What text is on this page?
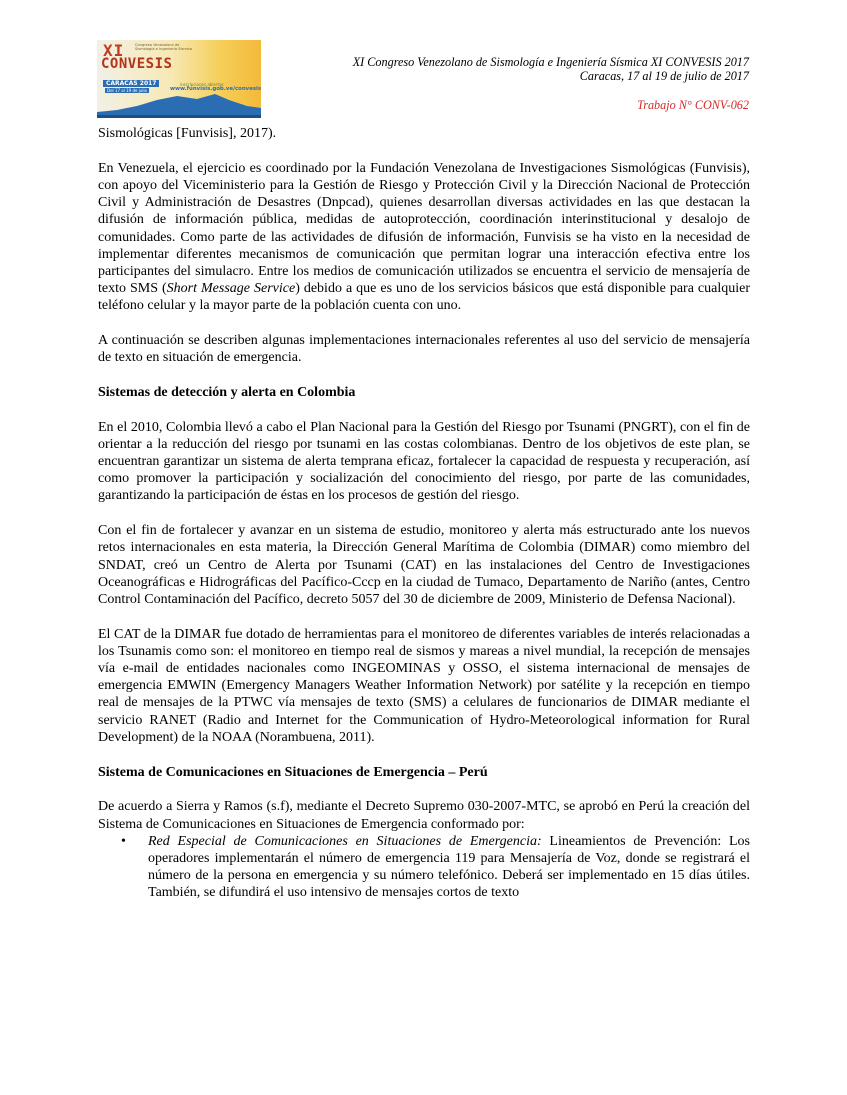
XI
CONVESIS
Congreso Venezolano de Sismología e Ingeniería Sísmica
CARACAS 2017
Del 17 al 19 de julio
inscripciones abiertas
www.funvisis.gob.ve/convesis
XI Congreso Venezolano de Sismología e Ingeniería Sísmica XI CONVESIS 2017
Caracas, 17 al 19 de julio de 2017
Trabajo N° CONV-062

Sismológicas [Funvisis], 2017).

En Venezuela, el ejercicio es coordinado por la Fundación Venezolana de Investigaciones Sismológicas (Funvisis), con apoyo del Viceministerio para la Gestión de Riesgo y Protección Civil y la Dirección Nacional de Protección Civil y Administración de Desastres (Dnpcad), quienes desarrollan diversas actividades en las que destacan la difusión de información pública, medidas de autoprotección, coordinación interinstitucional y desalojo de comunidades. Como parte de las actividades de difusión de información, Funvisis se ha visto en la necesidad de implementar diferentes mecanismos de comunicación que permitan lograr una interacción efectiva entre los participantes del simulacro. Entre los medios de comunicación utilizados se encuentra el servicio de mensajería de texto SMS (Short Message Service) debido a que es uno de los servicios básicos que está disponible para cualquier teléfono celular y la mayor parte de la población cuenta con uno.

A continuación se describen algunas implementaciones internacionales referentes al uso del servicio de mensajería de texto en situación de emergencia.

Sistemas de detección y alerta en Colombia

En el 2010, Colombia llevó a cabo el Plan Nacional para la Gestión del Riesgo por Tsunami (PNGRT), con el fin de orientar a la reducción del riesgo por tsunami en las costas colombianas. Dentro de los objetivos de este plan, se encuentran garantizar un sistema de alerta temprana eficaz, fortalecer la capacidad de respuesta y recuperación, así como promover la participación y socialización del conocimiento del riesgo, por parte de las comunidades, garantizando la participación de éstas en los procesos de gestión del riesgo.

Con el fin de fortalecer y avanzar en un sistema de estudio, monitoreo y alerta más estructurado ante los nuevos retos internacionales en esta materia, la Dirección General Marítima de Colombia (DIMAR) como miembro del SNDAT, creó un Centro de Alerta por Tsunami (CAT) en las instalaciones del Centro de Investigaciones Oceanográficas e Hidrográficas del Pacífico-Cccp en la ciudad de Tumaco, Departamento de Nariño (antes, Centro Control Contaminación del Pacífico, decreto 5057 del 30 de diciembre de 2009, Ministerio de Defensa Nacional).

El CAT de la DIMAR fue dotado de herramientas para el monitoreo de diferentes variables de interés relacionadas a los Tsunamis como son: el monitoreo en tiempo real de sismos y mareas a nivel mundial, la recepción de mensajes vía e-mail de entidades nacionales como INGEOMINAS y OSSO, el sistema internacional de mensajes de emergencia EMWIN (Emergency Managers Weather Information Network) por satélite y la recepción en tiempo real de mensajes de la PTWC vía mensajes de texto (SMS) a celulares de funcionarios de DIMAR mediante el servicio RANET (Radio and Internet for the Communication of Hydro-Meteorological information for Rural Development) de la NOAA (Norambuena, 2011).

Sistema de Comunicaciones en Situaciones de Emergencia – Perú

De acuerdo a Sierra y Ramos (s.f), mediante el Decreto Supremo 030-2007-MTC, se aprobó en Perú la creación del Sistema de Comunicaciones en Situaciones de Emergencia conformado por:

• Red Especial de Comunicaciones en Situaciones de Emergencia: Lineamientos de Prevención: Los operadores implementarán el número de emergencia 119 para Mensajería de Voz, donde se registrará el número de la persona en emergencia y su número telefónico. Deberá ser implementado en 15 días útiles. También, se difundirá el uso intensivo de mensajes cortos de texto
